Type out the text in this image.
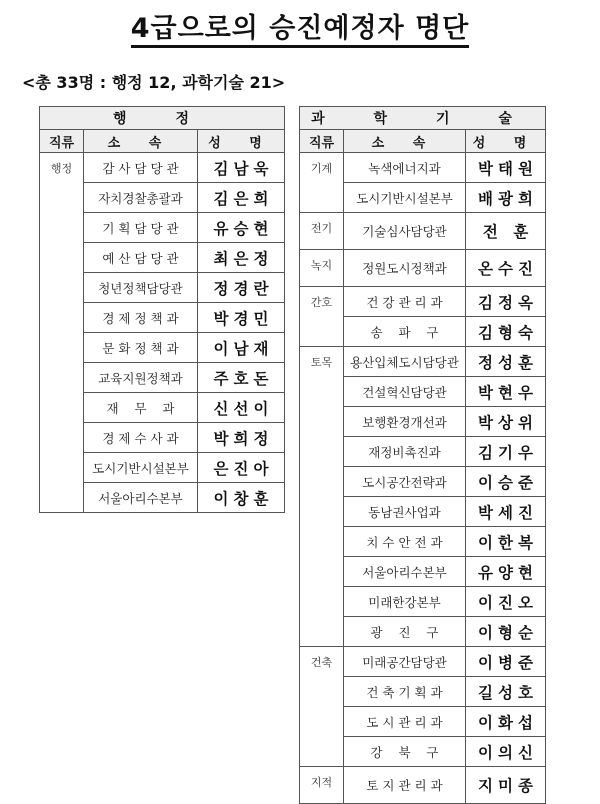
4급으로의 승진예정자 명단
<총 33명 : 행정 12, 과학기술 21>
행 정		
직류	소 속	성 명
행정	감 사 담 당 관	김남욱
	자치경찰총괄과	김은희
	기 획 담 당 관	유승현
	예 산 담 당 관	최은정
	청년정책담당관	정경란
	경 제 정 책 과	박경민
	문 화 정 책 과	이남재
	교육지원정책과	주호돈
	재    무    과	신선이
	경 제 수 사 과	박희정
	도시기반시설본부	은진아
	서울아리수본부	이창훈
과 학 기 술		
직류	소 속	성 명
기계	녹색에너지과	박태원
	도시기반시설본부	배광희
전기	기술심사담당관	전 훈
녹지	정원도시정책과	온수진
간호	건 강 관 리 과	김정옥
	송    파    구	김형숙
토목	용산입체도시담당관	정성훈
	건설혁신담당관	박현우
	보행환경개선과	박상위
	재정비촉진과	김기우
	도시공간전략과	이승준
	동남권사업과	박세진
	치 수 안 전 과	이한복
	서울아리수본부	유양현
	미래한강본부	이진오
	광    진    구	이형순
건축	미래공간담당관	이병준
	건 축 기 획 과	길성호
	도 시 관 리 과	이화섭
	강    북    구	이의신
지적	토 지 관 리 과	지미종
